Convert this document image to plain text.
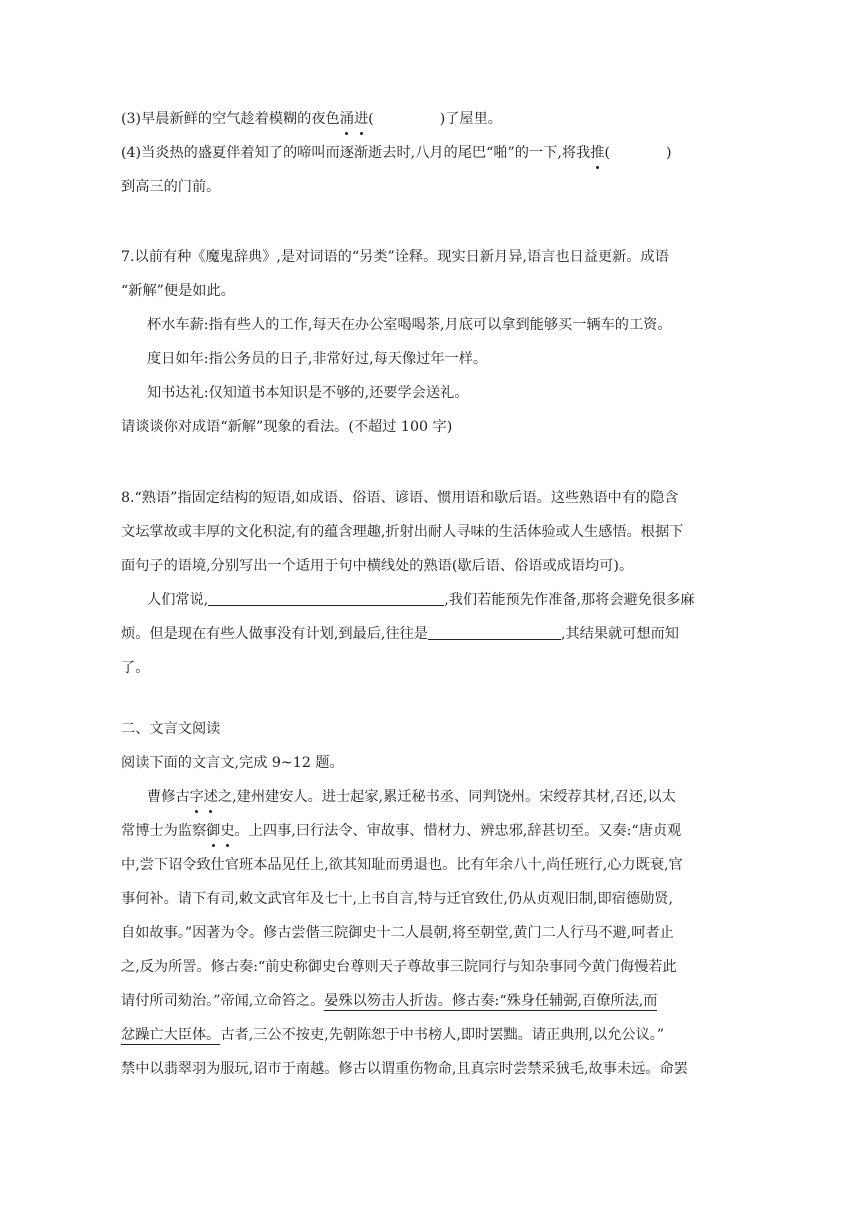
(3)早晨新鲜的空气趁着模糊的夜色涌进(	)了屋里。
(4)当炎热的盛夏伴着知了的啼叫而逐渐逝去时,八月的尾巴“啪”的一下,将我推(	)
到高三的门前。
7.以前有种《魔鬼辞典》,是对词语的“另类”诠释。现实日新月异,语言也日益更新。成语
“新解”便是如此。
杯水车薪:指有些人的工作,每天在办公室喝喝茶,月底可以拿到能够买一辆车的工资。
度日如年:指公务员的日子,非常好过,每天像过年一样。
知书达礼:仅知道书本知识是不够的,还要学会送礼。
请谈谈你对成语“新解”现象的看法。(不超过 100 字)
8.“熟语”指固定结构的短语,如成语、俗语、谚语、惯用语和歇后语。这些熟语中有的隐含
文坛掌故或丰厚的文化积淀,有的蕴含理趣,折射出耐人寻味的生活体验或人生感悟。根据下
面句子的语境,分别写出一个适用于句中横线处的熟语(歇后语、俗语或成语均可)。
人们常说,	,我们若能预先作准备,那将会避免很多麻
烦。但是现在有些人做事没有计划,到最后,往往是	,其结果就可想而知
了。
二、文言文阅读
阅读下面的文言文,完成 9~12 题。
曹修古字述之,建州建安人。进士起家,累迁秘书丞、同判饶州。宋绶荐其材,召还,以太
常博士为监察御史。上四事,曰行法令、审故事、惜材力、辨忠邪,辞甚切至。又奏:“唐贞观
中,尝下诏令致仕官班本品见任上,欲其知耻而勇退也。比有年余八十,尚任班行,心力既衰,官
事何补。请下有司,敕文武官年及七十,上书自言,特与迁官致仕,仍从贞观旧制,即宿德勋贤,
自如故事。”因著为令。修古尝偕三院御史十二人晨朝,将至朝堂,黄门二人行马不避,呵者止
之,反为所詈。修古奏:“前史称御史台尊则天子尊故事三院同行与知杂事同今黄门侮慢若此
请付所司劾治。”帝闻,立命笞之。晏殊以笏击人折齿。修古奏:“殊身任辅弼,百僚所法,而
忿躁亡大臣体。古者,三公不按吏,先朝陈恕于中书榜人,即时罢黜。请正典刑,以允公议。”
禁中以翡翠羽为服玩,诏市于南越。修古以谓重伤物命,且真宗时尝禁采狨毛,故事未远。命罢
